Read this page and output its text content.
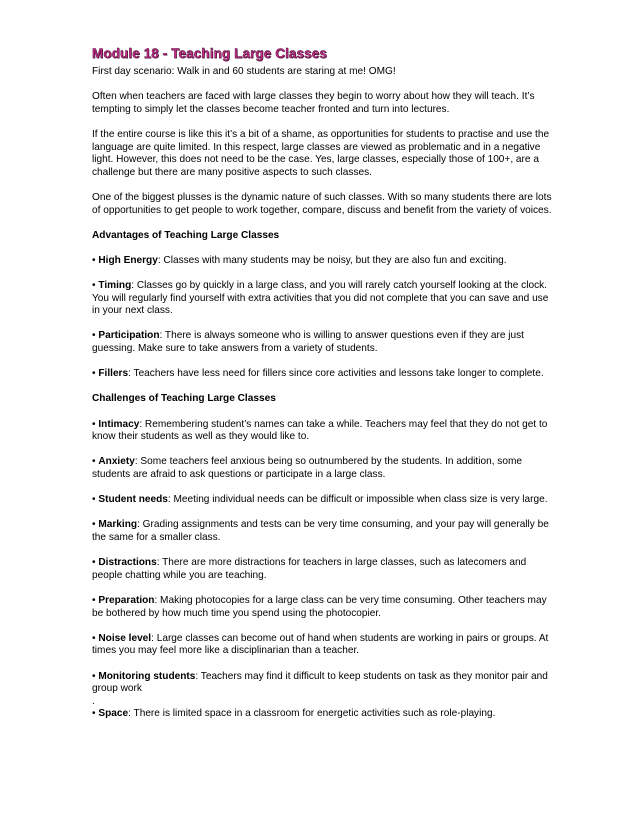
Module 18 - Teaching Large Classes

First day scenario: Walk in and 60 students are staring at me! OMG!

Often when teachers are faced with large classes they begin to worry about how they will teach. It’s tempting to simply let the classes become teacher fronted and turn into lectures.

If the entire course is like this it’s a bit of a shame, as opportunities for students to practise and use the language are quite limited. In this respect, large classes are viewed as problematic and in a negative light. However, this does not need to be the case. Yes, large classes, especially those of 100+, are a challenge but there are many positive aspects to such classes.

One of the biggest plusses is the dynamic nature of such classes. With so many students there are lots of opportunities to get people to work together, compare, discuss and benefit from the variety of voices.

Advantages of Teaching Large Classes

• High Energy: Classes with many students may be noisy, but they are also fun and exciting.

• Timing: Classes go by quickly in a large class, and you will rarely catch yourself looking at the clock. You will regularly find yourself with extra activities that you did not complete that you can save and use in your next class.

• Participation: There is always someone who is willing to answer questions even if they are just guessing. Make sure to take answers from a variety of students.

• Fillers: Teachers have less need for fillers since core activities and lessons take longer to complete.

Challenges of Teaching Large Classes

• Intimacy: Remembering student’s names can take a while. Teachers may feel that they do not get to know their students as well as they would like to.

• Anxiety: Some teachers feel anxious being so outnumbered by the students. In addition, some students are afraid to ask questions or participate in a large class.

• Student needs: Meeting individual needs can be difficult or impossible when class size is very large.

• Marking: Grading assignments and tests can be very time consuming, and your pay will generally be the same for a smaller class.

• Distractions: There are more distractions for teachers in large classes, such as latecomers and people chatting while you are teaching.

• Preparation: Making photocopies for a large class can be very time consuming. Other teachers may be bothered by how much time you spend using the photocopier.

• Noise level: Large classes can become out of hand when students are working in pairs or groups. At times you may feel more like a disciplinarian than a teacher.

• Monitoring students: Teachers may find it difficult to keep students on task as they monitor pair and group work

.

• Space: There is limited space in a classroom for energetic activities such as role-playing.
